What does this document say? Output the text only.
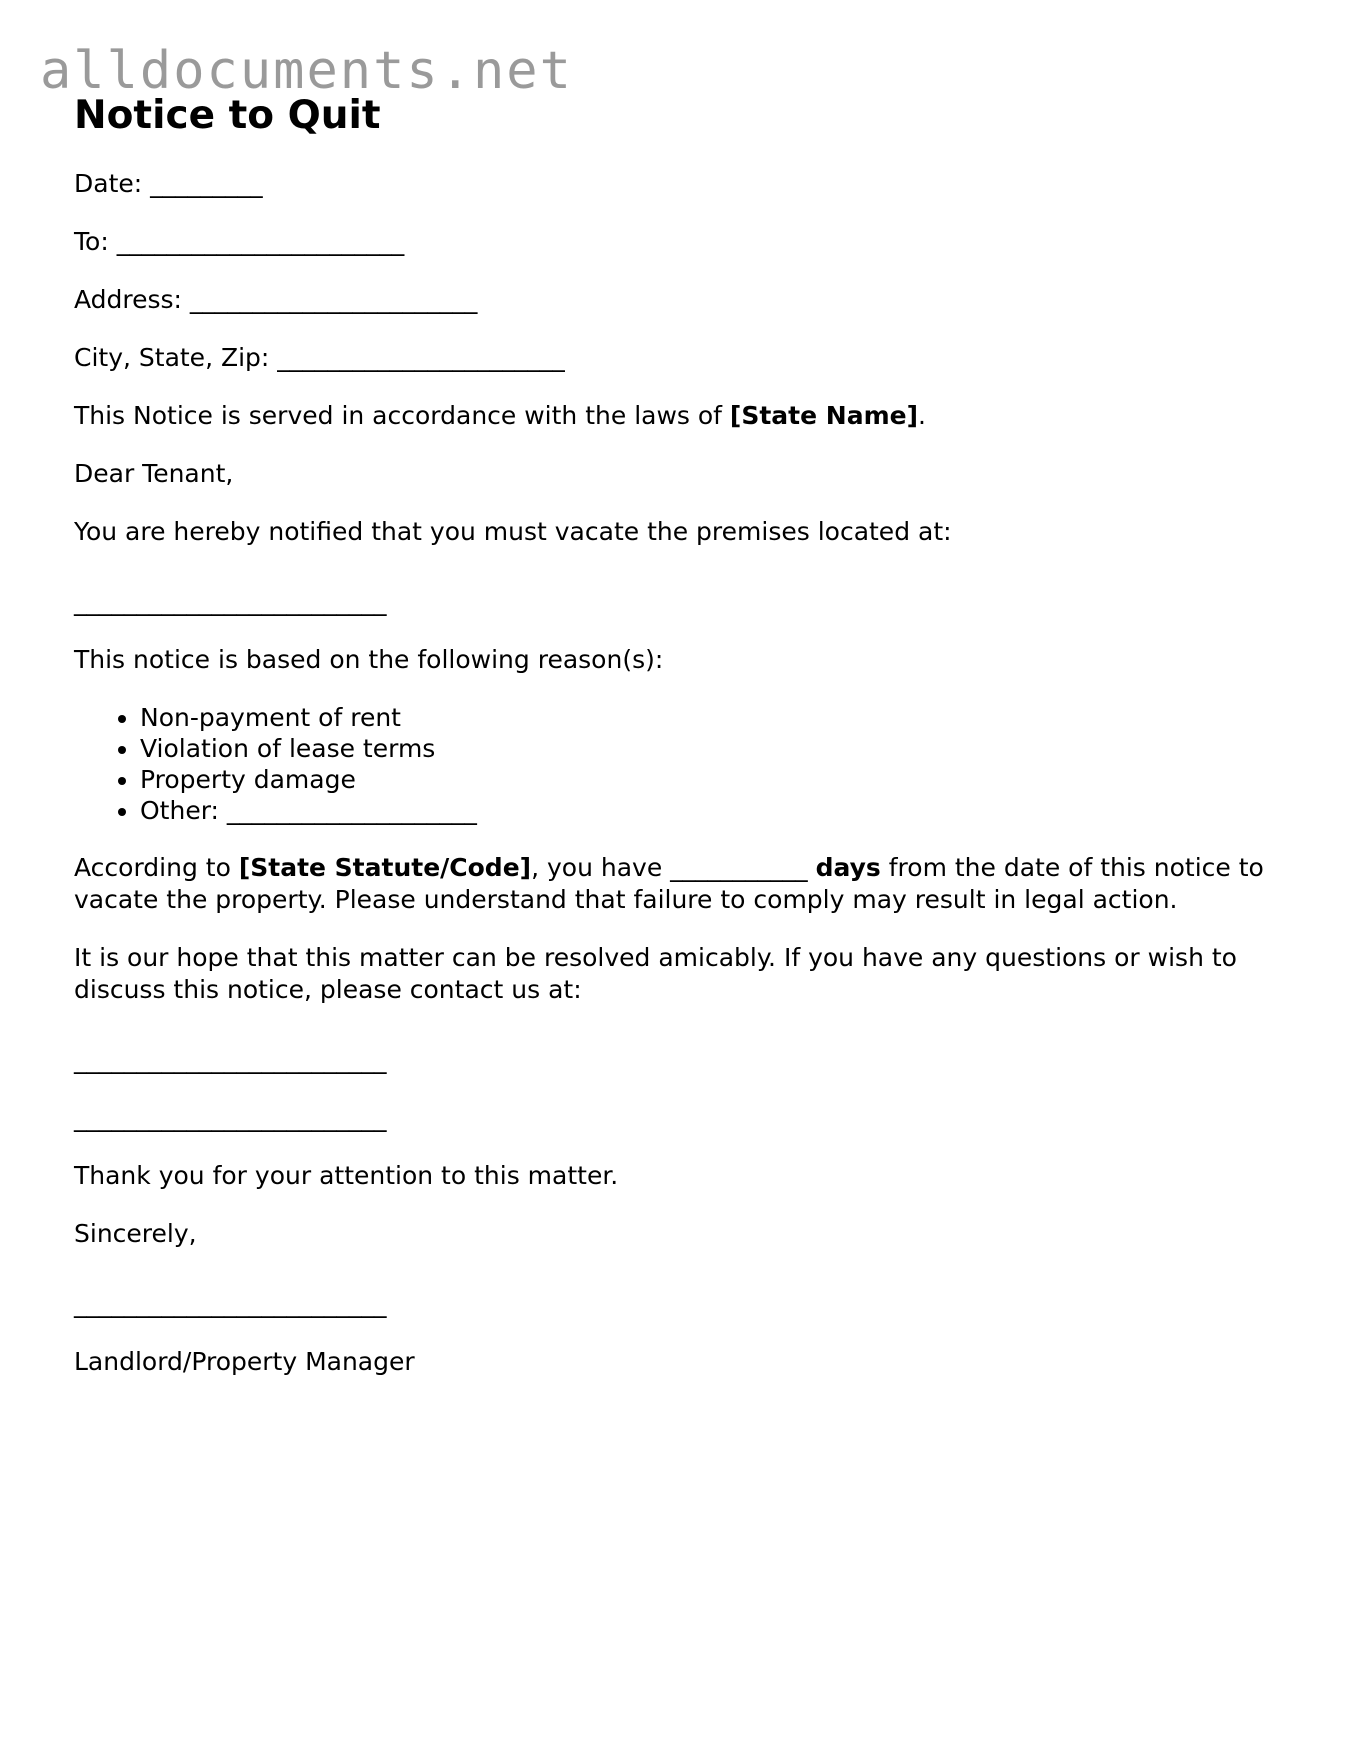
alldocuments.net
Notice to Quit
Date: _________
To: _______________________
Address: _______________________
City, State, Zip: _______________________
This Notice is served in accordance with the laws of [State Name].
Dear Tenant,
You are hereby notified that you must vacate the premises located at:
_________________________
This notice is based on the following reason(s):
• Non-payment of rent
• Violation of lease terms
• Property damage
• Other: ____________________
According to [State Statute/Code], you have ___________ days from the date of this notice to vacate the property. Please understand that failure to comply may result in legal action.
It is our hope that this matter can be resolved amicably. If you have any questions or wish to discuss this notice, please contact us at:
_________________________
_________________________
Thank you for your attention to this matter.
Sincerely,
_________________________
Landlord/Property Manager
